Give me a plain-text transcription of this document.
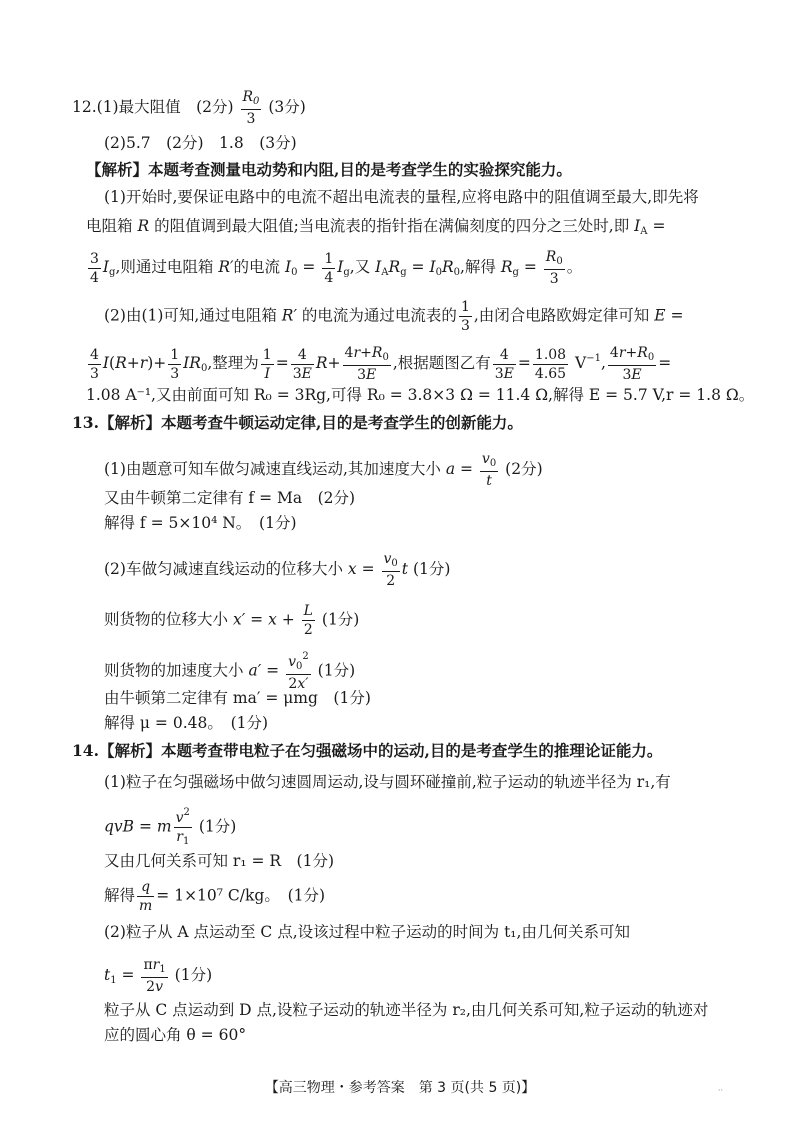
12.(1)最大阻值　(2分) $\frac{R_0}{3} (3$分)
(2)5.7　(2分)　1.8　(3分)
【解析】本题考查测量电动势和内阻,目的是考查学生的实验探究能力。
(1)开始时,要保证电路中的电流不超出电流表的量程,应将电路中的阻值调至最大,即先将
电阻箱 R 的阻值调到最大阻值;当电流表的指针指在满偏刻度的四分之三处时,即 $I_A$ =
$\frac{3}{4} I_g$,则通过电阻箱 R′的电流 $I_0 = \frac{1}{4} I_g$,又 $I_AR_g = I_0R_0$,解得 $R_g = \frac{R_0}{3}$ 。
(2)由(1)可知,通过电阻箱 R′ 的电流为通过电流表的 $\frac{1}{3}$ ,由闭合电路欧姆定律可知 E =
$\frac{4}{3} I(R+r)+ \frac{1}{3} IR_0$,整理为 $\frac{1}{I} = \frac{4}{3E} R+ \frac{4r+R_0}{3E}$ ,根据题图乙有 $\frac{4}{3E} = \frac{1.08}{4.65} V^{-1}$, $\frac{4r+R_0}{3E}$ =
1.08 A⁻¹,又由前面可知 R₀ = 3Rg,可得 R₀ = 3.8×3 Ω = 11.4 Ω,解得 E = 5.7 V,r = 1.8 Ω。
13.【解析】本题考查牛顿运动定律,目的是考查学生的创新能力。
(1)由题意可知车做匀减速直线运动,其加速度大小 $a = \frac{v_0}{t} (2$分)
又由牛顿第二定律有 f = Ma　(2分)
解得 f = 5×10⁴ N。　(1分)
(2)车做匀减速直线运动的位移大小 $x = \frac{v_0}{2}$ t (1分)
则货物的位移大小 $x' = x + \frac{L}{2} (1$分)
则货物的加速度大小 $a' = \frac{v_0^2}{2x'} (1$分)
由牛顿第二定律有 ma′ = μmg　(1分)
解得 μ = 0.48。　(1分)
14.【解析】本题考查带电粒子在匀强磁场中的运动,目的是考查学生的推理论证能力。
(1)粒子在匀强磁场中做匀速圆周运动,设与圆环碰撞前,粒子运动的轨迹半径为 r₁,有
qvB = m $\frac{v^2}{r_1} (1$分)
又由几何关系可知 r₁ = R　(1分)
解得 $\frac{q}{m} = 1\times 10^7$ C/kg。　(1分)
(2)粒子从 A 点运动至 C 点,设该过程中粒子运动的时间为 t₁,由几何关系可知
$t_1 = \frac{\pi r_1}{2v} (1$分)
粒子从 C 点运动到 D 点,设粒子运动的轨迹半径为 r₂,由几何关系可知,粒子运动的轨迹对
应的圆心角 θ = 60°
【高三物理・参考答案　第 3 页(共 5 页)】	··
